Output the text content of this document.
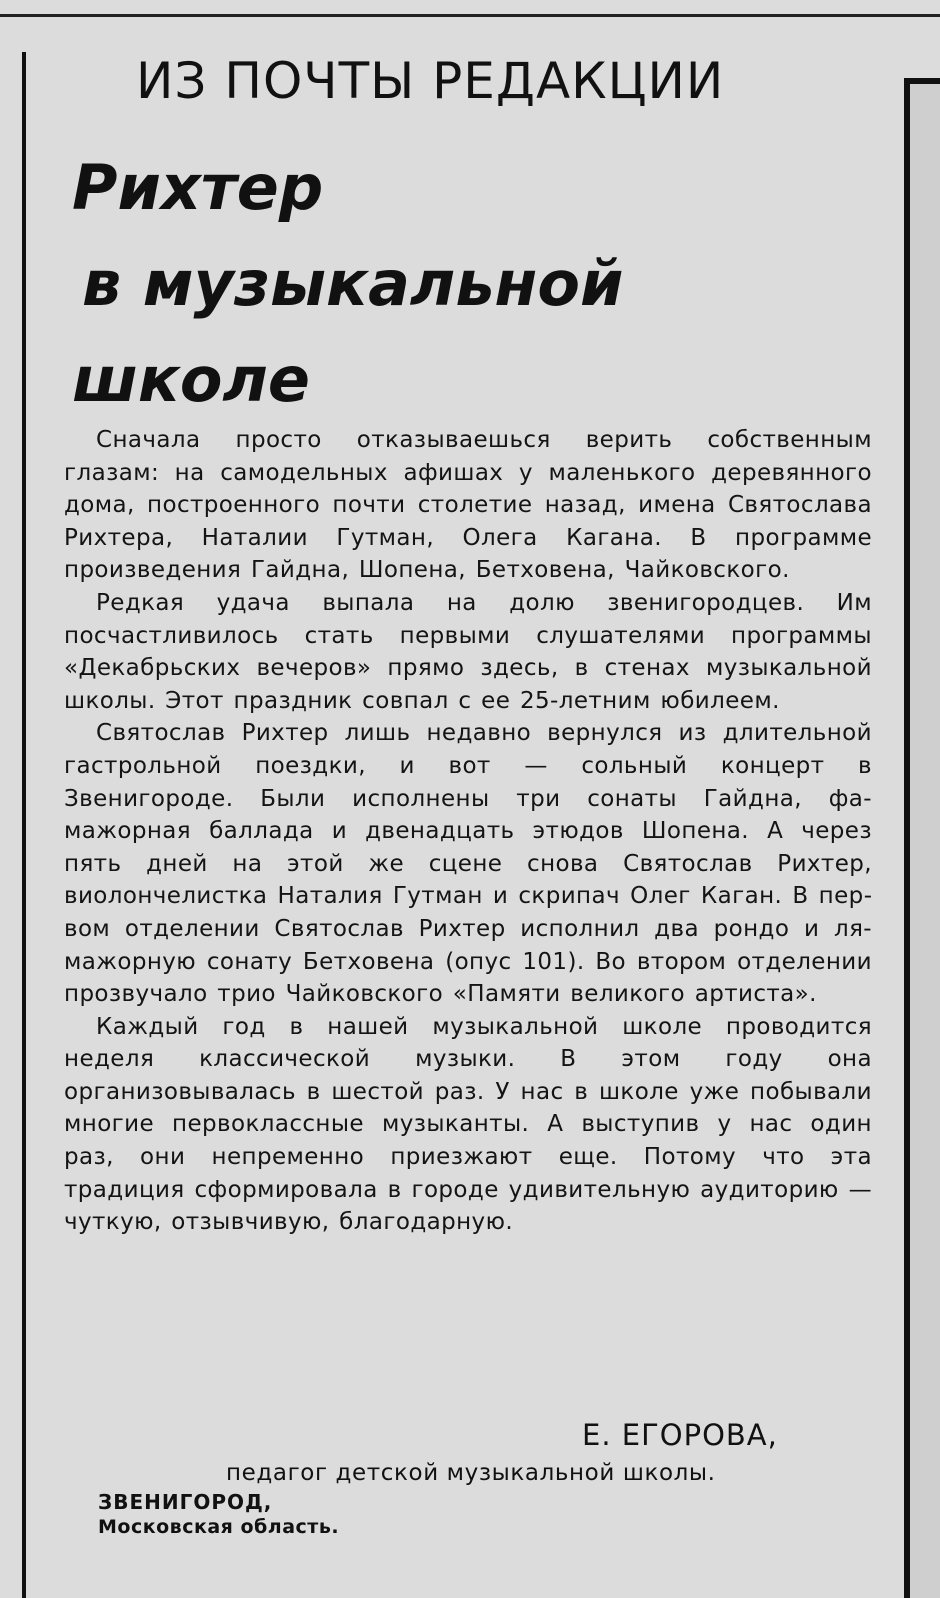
ИЗ ПОЧТЫ РЕДАКЦИИ
Рихтер
в музыкальной
школе

Сначала просто отказываешься верить собственным глазам: на самодельных афишах у маленького деревянного дома, построенного почти столетие назад, имена Святослава Рихтера, Наталии Гутман, Олега Кагана. В программе произведения Гайдна, Шопена, Бетховена, Чайковского.

Редкая удача выпала на долю звенигородцев. Им посчастливилось стать первыми слушателями программы «Декабрьских вечеров» прямо здесь, в стенах музыкальной школы. Этот праздник совпал с ее 25-летним юбилеем.

Святослав Рихтер лишь недавно вернулся из длительной гастрольной поездки, и вот — сольный концерт в Звенигороде. Были исполнены три сонаты Гайдна, фа-мажорная баллада и двенадцать этюдов Шопена. А через пять дней на этой же сцене снова Святослав Рихтер, виолончелистка Наталия Гутман и скрипач Олег Каган. В первом отделении Святослав Рихтер исполнил два рондо и ля-мажорную сонату Бетховена (опус 101). Во втором отделении прозвучало трио Чайковского «Памяти великого артиста».

Каждый год в нашей музыкальной школе проводится неделя классической музыки. В этом году она организовывалась в шестой раз. У нас в школе уже побывали многие первоклассные музыканты. А выступив у нас один раз, они непременно приезжают еще. Потому что эта традиция сформировала в городе удивительную аудиторию — чуткую, отзывчивую, благодарную.

Е. ЕГОРОВА,
педагог детской музыкальной школы.
ЗВЕНИГОРОД,
Московская область.
